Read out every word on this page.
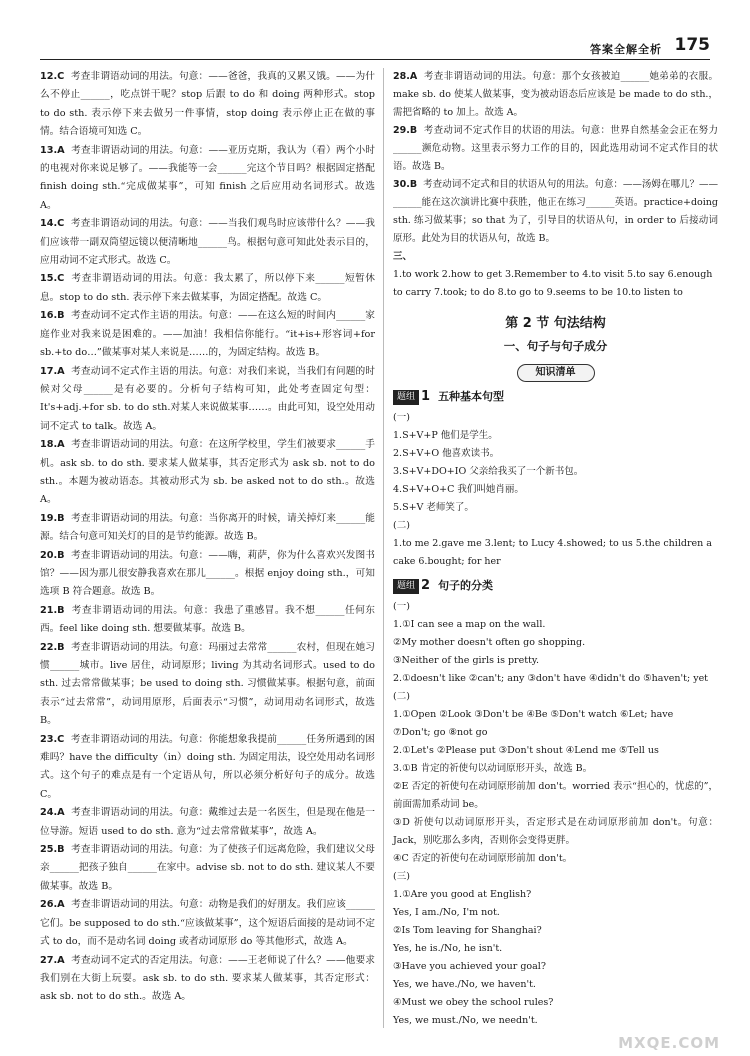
答案全解全析 175

12.C 考查非谓语动词的用法。句意：——爸爸，我真的又累又饿。——为什么不停止______，吃点饼干呢？stop 后跟 to do 和 doing 两种形式。stop to do sth. 表示停下来去做另一件事情，stop doing 表示停止正在做的事情。结合语境可知选 C。

13.A 考查非谓语动词的用法。句意：——亚历克斯，我认为（看）两个小时的电视对你来说足够了。——我能等一会______完这个节目吗？根据固定搭配 finish doing sth.“完成做某事”，可知 finish 之后应用动名词形式。故选 A。

14.C 考查非谓语动词的用法。句意：——当我们观鸟时应该带什么？——我们应该带一副双筒望远镜以便清晰地______鸟。根据句意可知此处表示目的，应用动词不定式形式。故选 C。

15.C 考查非谓语动词的用法。句意：我太累了，所以停下来______短暂休息。stop to do sth. 表示停下来去做某事，为固定搭配。故选 C。

16.B 考查动词不定式作主语的用法。句意：——在这么短的时间内______家庭作业对我来说是困难的。——加油！我相信你能行。“it+is+形容词+for sb.+to do…”做某事对某人来说是……的，为固定结构。故选 B。

17.A 考查动词不定式作主语的用法。句意：对我们来说，当我们有问题的时候对父母______是有必要的。分析句子结构可知，此处考查固定句型：It's+adj.+for sb. to do sth.对某人来说做某事……。由此可知，设空处用动词不定式 to talk。故选 A。

18.A 考查非谓语动词的用法。句意：在这所学校里，学生们被要求______手机。ask sb. to do sth. 要求某人做某事，其否定形式为 ask sb. not to do sth.。本题为被动语态。其被动形式为 sb. be asked not to do sth.。故选 A。

19.B 考查非谓语动词的用法。句意：当你离开的时候，请关掉灯来______能源。结合句意可知关灯的目的是节约能源。故选 B。

20.B 考查非谓语动词的用法。句意：——嗨，莉萨，你为什么喜欢兴发图书馆？——因为那儿很安静我喜欢在那儿______。根据 enjoy doing sth.，可知选项 B 符合题意。故选 B。

21.B 考查非谓语动词的用法。句意：我患了重感冒。我不想______任何东西。feel like doing sth. 想要做某事。故选 B。

22.B 考查非谓语动词的用法。句意：玛丽过去常常______农村，但现在她习惯______城市。live 居住，动词原形；living 为其动名词形式。used to do sth. 过去常常做某事；be used to doing sth. 习惯做某事。根据句意，前面表示“过去常常”，动词用原形，后面表示“习惯”，动词用动名词形式，故选 B。

23.C 考查非谓语动词的用法。句意：你能想象我提前______任务所遇到的困难吗？have the difficulty（in）doing sth. 为固定用法，设空处用动名词形式。这个句子的难点是有一个定语从句，所以必须分析好句子的成分。故选 C。

24.A 考查非谓语动词的用法。句意：戴维过去是一名医生，但是现在他是一位导游。短语 used to do sth. 意为“过去常常做某事”，故选 A。

25.B 考查非谓语动词的用法。句意：为了使孩子们远离危险，我们建议父母亲______把孩子独自______在家中。advise sb. not to do sth. 建议某人不要做某事。故选 B。

26.A 考查非谓语动词的用法。句意：动物是我们的好朋友。我们应该______它们。be supposed to do sth.“应该做某事”，这个短语后面接的是动词不定式 to do，而不是动名词 doing 或者动词原形 do 等其他形式，故选 A。

27.A 考查动词不定式的否定用法。句意：——王老师说了什么？——他要求我们别在大街上玩耍。ask sb. to do sth. 要求某人做某事，其否定形式：ask sb. not to do sth.。故选 A。

28.A 考查非谓语动词的用法。句意：那个女孩被迫______她弟弟的衣服。make sb. do 使某人做某事，变为被动语态后应该是 be made to do sth.，需把省略的 to 加上。故选 A。

29.B 考查动词不定式作目的状语的用法。句意：世界自然基金会正在努力______濒危动物。这里表示努力工作的目的，因此选用动词不定式作目的状语。故选 B。

30.B 考查动词不定式和目的状语从句的用法。句意：——汤姆在哪儿？——______能在这次演讲比赛中获胜，他正在练习______英语。practice+doing sth. 练习做某事；so that 为了，引导目的状语从句，in order to 后接动词原形。此处为目的状语从句，故选 B。

三、

1.to work 2.how to get 3.Remember to 4.to visit 5.to say 6.enough

to carry 7.took; to do 8.to go to 9.seems to be 10.to listen to

第 2 节 句法结构

一、句子与句子成分

知识清单
题组 1 五种基本句型

(一)

1.S+V+P 他们是学生。

2.S+V+O 他喜欢读书。

3.S+V+DO+IO 父亲给我买了一个新书包。

4.S+V+O+C 我们叫她肖丽。

5.S+V 老师笑了。

(二)

1.to me 2.gave me 3.lent; to Lucy 4.showed; to us 5.the children a

cake 6.bought; for her

题组 2 句子的分类

(一)

1.①I can see a map on the wall.

②My mother doesn't often go shopping.

③Neither of the girls is pretty.

2.①doesn't like ②can't; any ③don't have ④didn't do ⑤haven't; yet

(二)

1.①Open ②Look ③Don't be ④Be ⑤Don't watch ⑥Let; have

⑦Don't; go ⑧not go

2.①Let's ②Please put ③Don't shout ④Lend me ⑤Tell us

3.①B 肯定的祈使句以动词原形开头，故选 B。

②E 否定的祈使句在动词原形前加 don't。worried 表示“担心的，忧虑的”，前面需加系动词 be。

③D 祈使句以动词原形开头，否定形式是在动词原形前加 don't。句意：Jack，别吃那么多肉，否则你会变得更胖。

④C 否定的祈使句在动词原形前加 don't。

(三)

1.①Are you good at English?

Yes, I am./No, I'm not.

②Is Tom leaving for Shanghai?

Yes, he is./No, he isn't.

③Have you achieved your goal?

Yes, we have./No, we haven't.

④Must we obey the school rules?

Yes, we must./No, we needn't.

MXQE.COM
